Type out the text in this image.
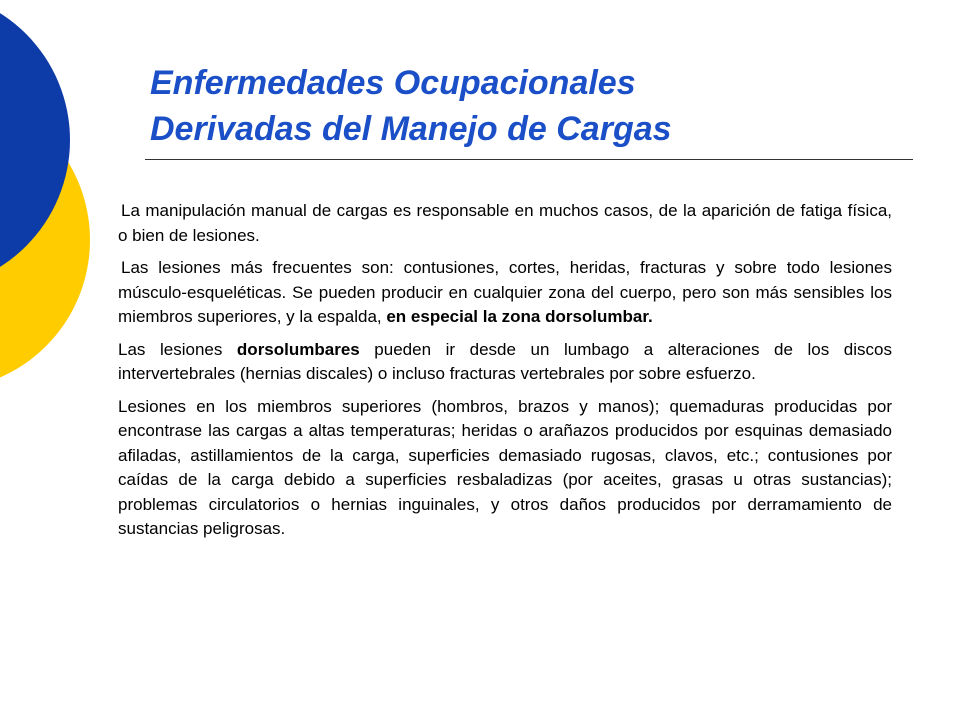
Enfermedades Ocupacionales
Derivadas del Manejo de Cargas

La manipulación manual de cargas es responsable en muchos casos, de la aparición de fatiga física, o bien de lesiones.

Las lesiones más frecuentes son: contusiones, cortes, heridas, fracturas y sobre todo lesiones músculo-esqueléticas. Se pueden producir en cualquier zona del cuerpo, pero son más sensibles los miembros superiores, y la espalda, en especial la zona dorsolumbar.

Las lesiones dorsolumbares pueden ir desde un lumbago a alteraciones de los discos intervertebrales (hernias discales) o incluso fracturas vertebrales por sobre esfuerzo.

Lesiones en los miembros superiores (hombros, brazos y manos); quemaduras producidas por encontrase las cargas a altas temperaturas; heridas o arañazos producidos por esquinas demasiado afiladas, astillamientos de la carga, superficies demasiado rugosas, clavos, etc.; contusiones por caídas de la carga debido a superficies resbaladizas (por aceites, grasas u otras sustancias); problemas circulatorios o hernias inguinales, y otros daños producidos por derramamiento de sustancias peligrosas.
